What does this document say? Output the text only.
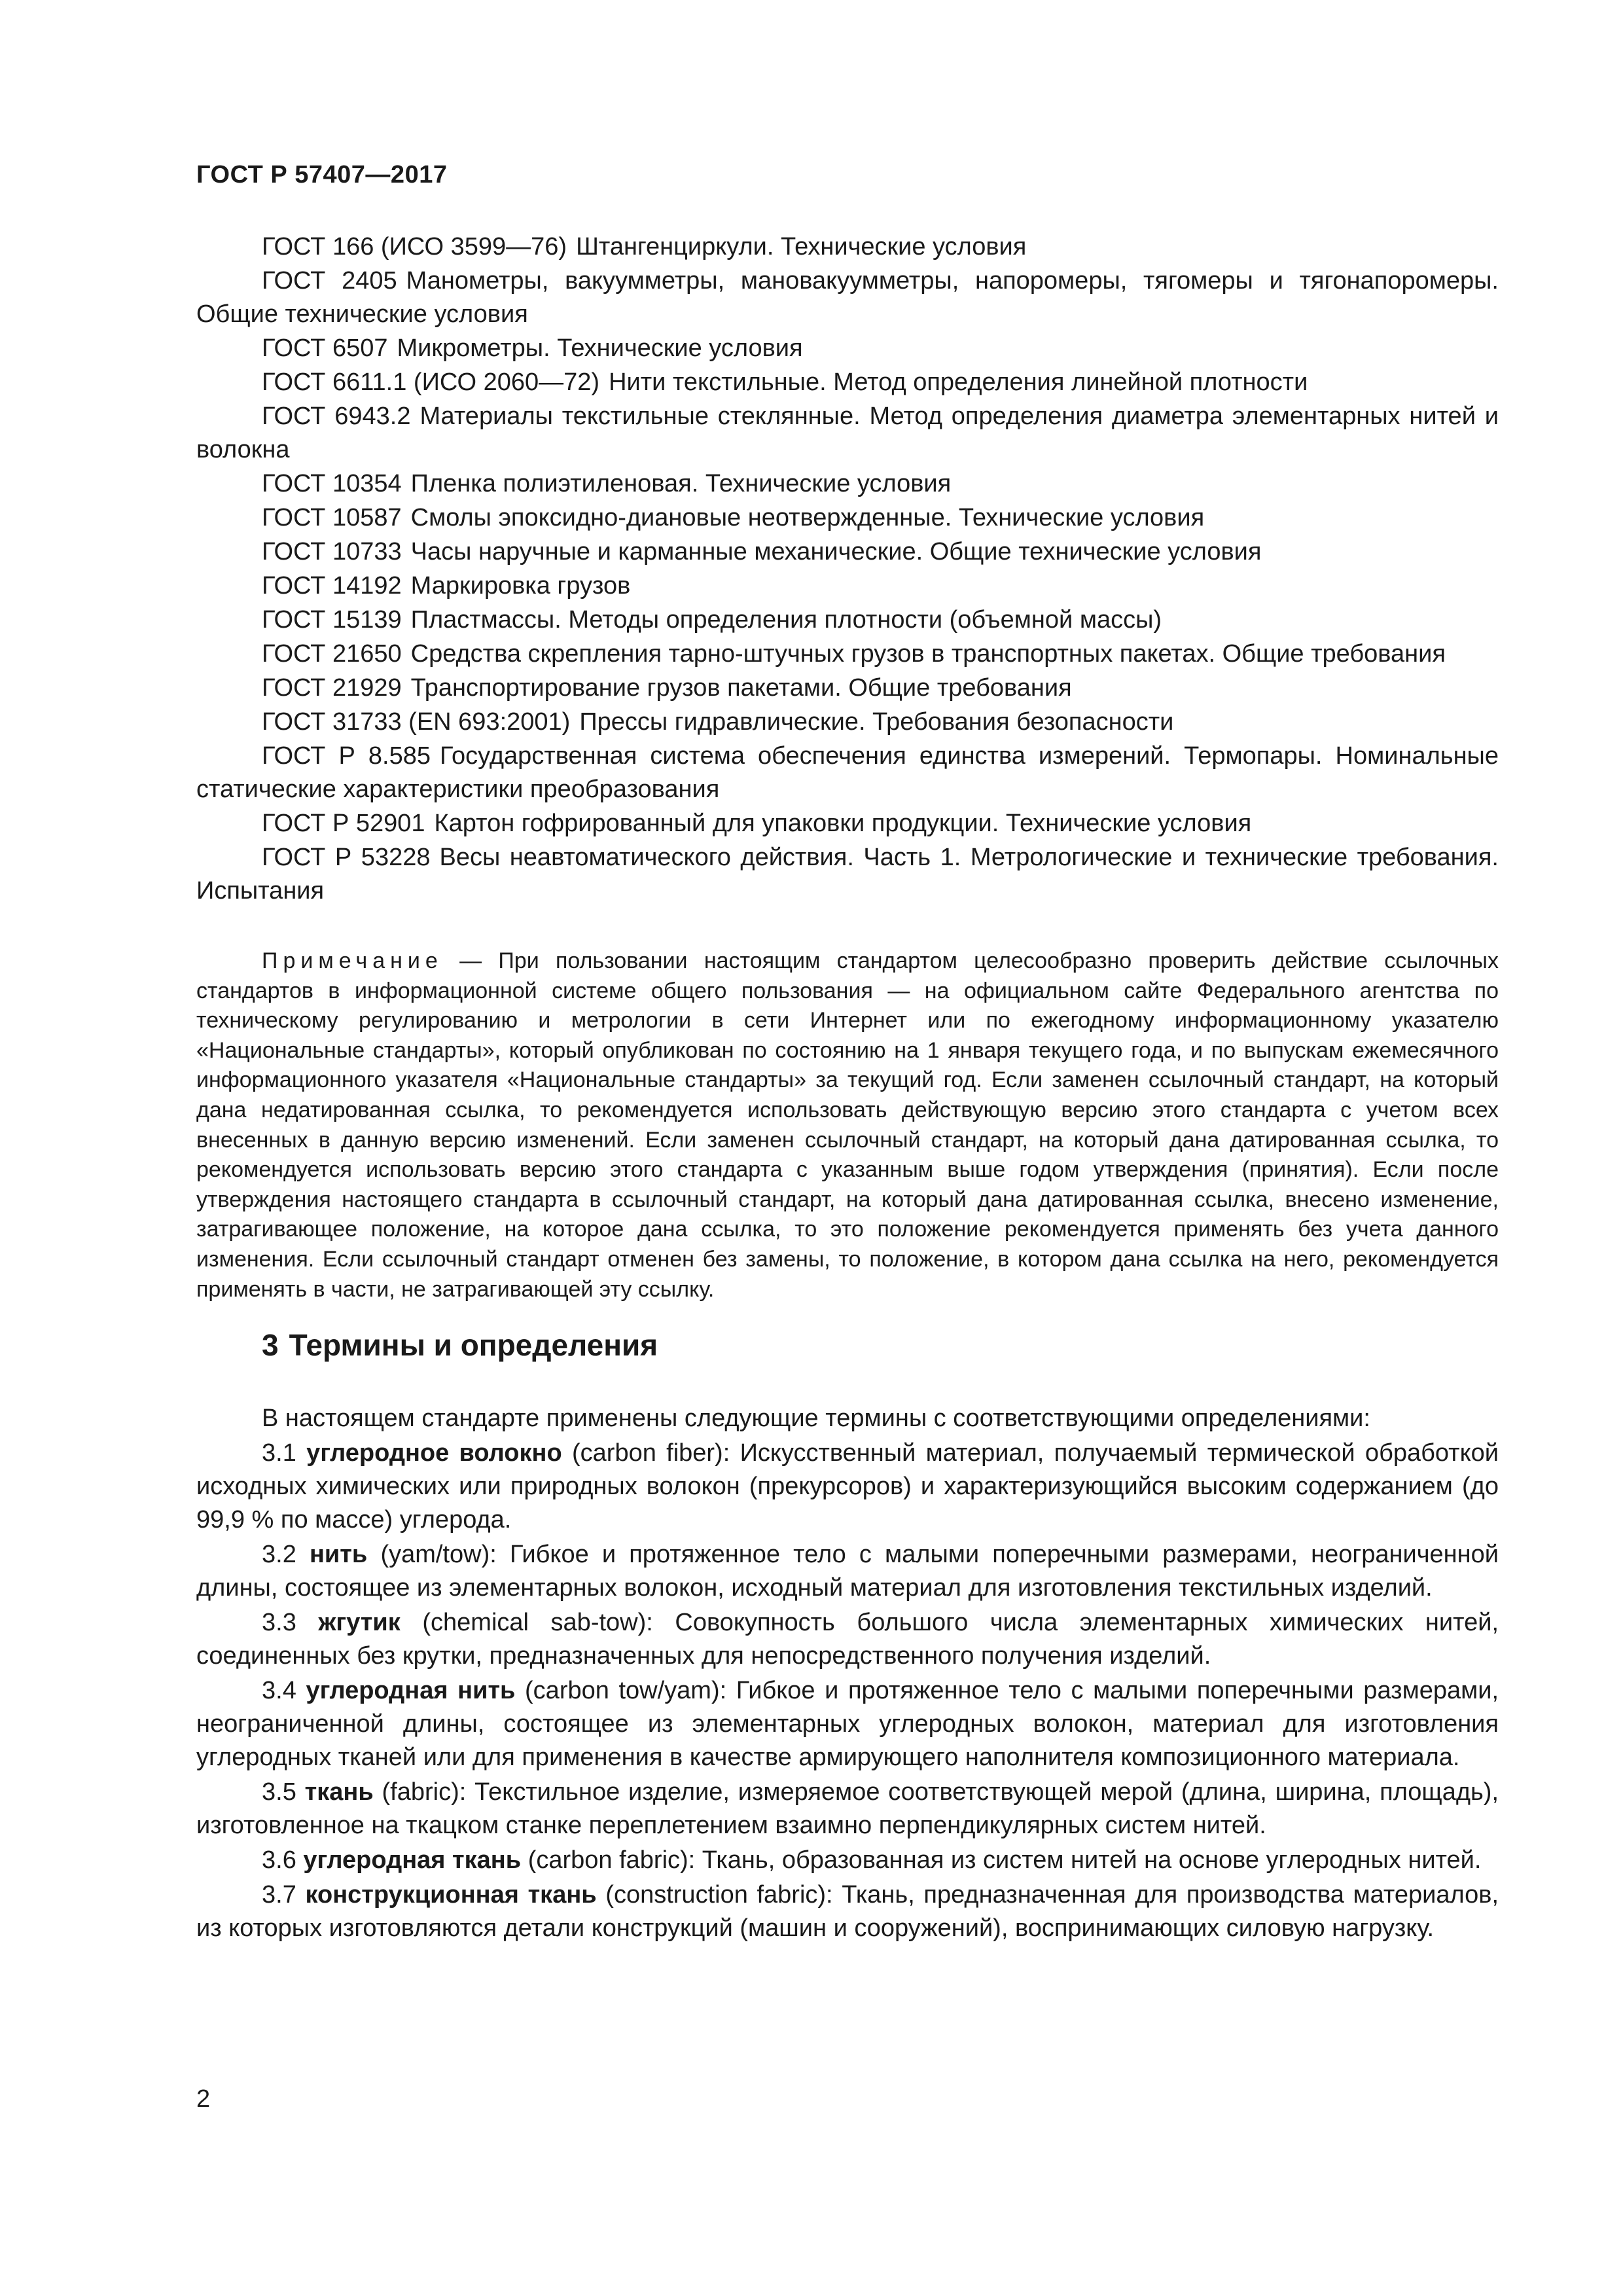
ГОСТ Р 57407—2017

ГОСТ 166 (ИСО 3599—76) Штангенциркули. Технические условия

ГОСТ 2405 Манометры, вакуумметры, мановакуумметры, напоромеры, тягомеры и тягонапоромеры. Общие технические условия

ГОСТ 6507 Микрометры. Технические условия

ГОСТ 6611.1 (ИСО 2060—72) Нити текстильные. Метод определения линейной плотности

ГОСТ 6943.2 Материалы текстильные стеклянные. Метод определения диаметра элементарных нитей и волокна

ГОСТ 10354 Пленка полиэтиленовая. Технические условия

ГОСТ 10587 Смолы эпоксидно-диановые неотвержденные. Технические условия

ГОСТ 10733 Часы наручные и карманные механические. Общие технические условия

ГОСТ 14192 Маркировка грузов

ГОСТ 15139 Пластмассы. Методы определения плотности (объемной массы)

ГОСТ 21650 Средства скрепления тарно-штучных грузов в транспортных пакетах. Общие требования

ГОСТ 21929 Транспортирование грузов пакетами. Общие требования

ГОСТ 31733 (EN 693:2001) Прессы гидравлические. Требования безопасности

ГОСТ Р 8.585 Государственная система обеспечения единства измерений. Термопары. Номинальные статические характеристики преобразования

ГОСТ Р 52901 Картон гофрированный для упаковки продукции. Технические условия

ГОСТ Р 53228 Весы неавтоматического действия. Часть 1. Метрологические и технические требования. Испытания

Примечание — При пользовании настоящим стандартом целесообразно проверить действие ссылочных стандартов в информационной системе общего пользования — на официальном сайте Федерального агентства по техническому регулированию и метрологии в сети Интернет или по ежегодному информационному указателю «Национальные стандарты», который опубликован по состоянию на 1 января текущего года, и по выпускам ежемесячного информационного указателя «Национальные стандарты» за текущий год. Если заменен ссылочный стандарт, на который дана недатированная ссылка, то рекомендуется использовать действующую версию этого стандарта с учетом всех внесенных в данную версию изменений. Если заменен ссылочный стандарт, на который дана датированная ссылка, то рекомендуется использовать версию этого стандарта с указанным выше годом утверждения (принятия). Если после утверждения настоящего стандарта в ссылочный стандарт, на который дана датированная ссылка, внесено изменение, затрагивающее положение, на которое дана ссылка, то это положение рекомендуется применять без учета данного изменения. Если ссылочный стандарт отменен без замены, то положение, в котором дана ссылка на него, рекомендуется применять в части, не затрагивающей эту ссылку.

3 Термины и определения

В настоящем стандарте применены следующие термины с соответствующими определениями:

3.1 углеродное волокно (carbon fiber): Искусственный материал, получаемый термической обработкой исходных химических или природных волокон (прекурсоров) и характеризующийся высоким содержанием (до 99,9 % по массе) углерода.

3.2 нить (yam/tow): Гибкое и протяженное тело с малыми поперечными размерами, неограниченной длины, состоящее из элементарных волокон, исходный материал для изготовления текстильных изделий.

3.3 жгутик (chemical sab-tow): Совокупность большого числа элементарных химических нитей, соединенных без крутки, предназначенных для непосредственного получения изделий.

3.4 углеродная нить (carbon tow/yam): Гибкое и протяженное тело с малыми поперечными размерами, неограниченной длины, состоящее из элементарных углеродных волокон, материал для изготовления углеродных тканей или для применения в качестве армирующего наполнителя композиционного материала.

3.5 ткань (fabric): Текстильное изделие, измеряемое соответствующей мерой (длина, ширина, площадь), изготовленное на ткацком станке переплетением взаимно перпендикулярных систем нитей.

3.6 углеродная ткань (carbon fabric): Ткань, образованная из систем нитей на основе углеродных нитей.

3.7 конструкционная ткань (construction fabric): Ткань, предназначенная для производства материалов, из которых изготовляются детали конструкций (машин и сооружений), воспринимающих силовую нагрузку.

2
